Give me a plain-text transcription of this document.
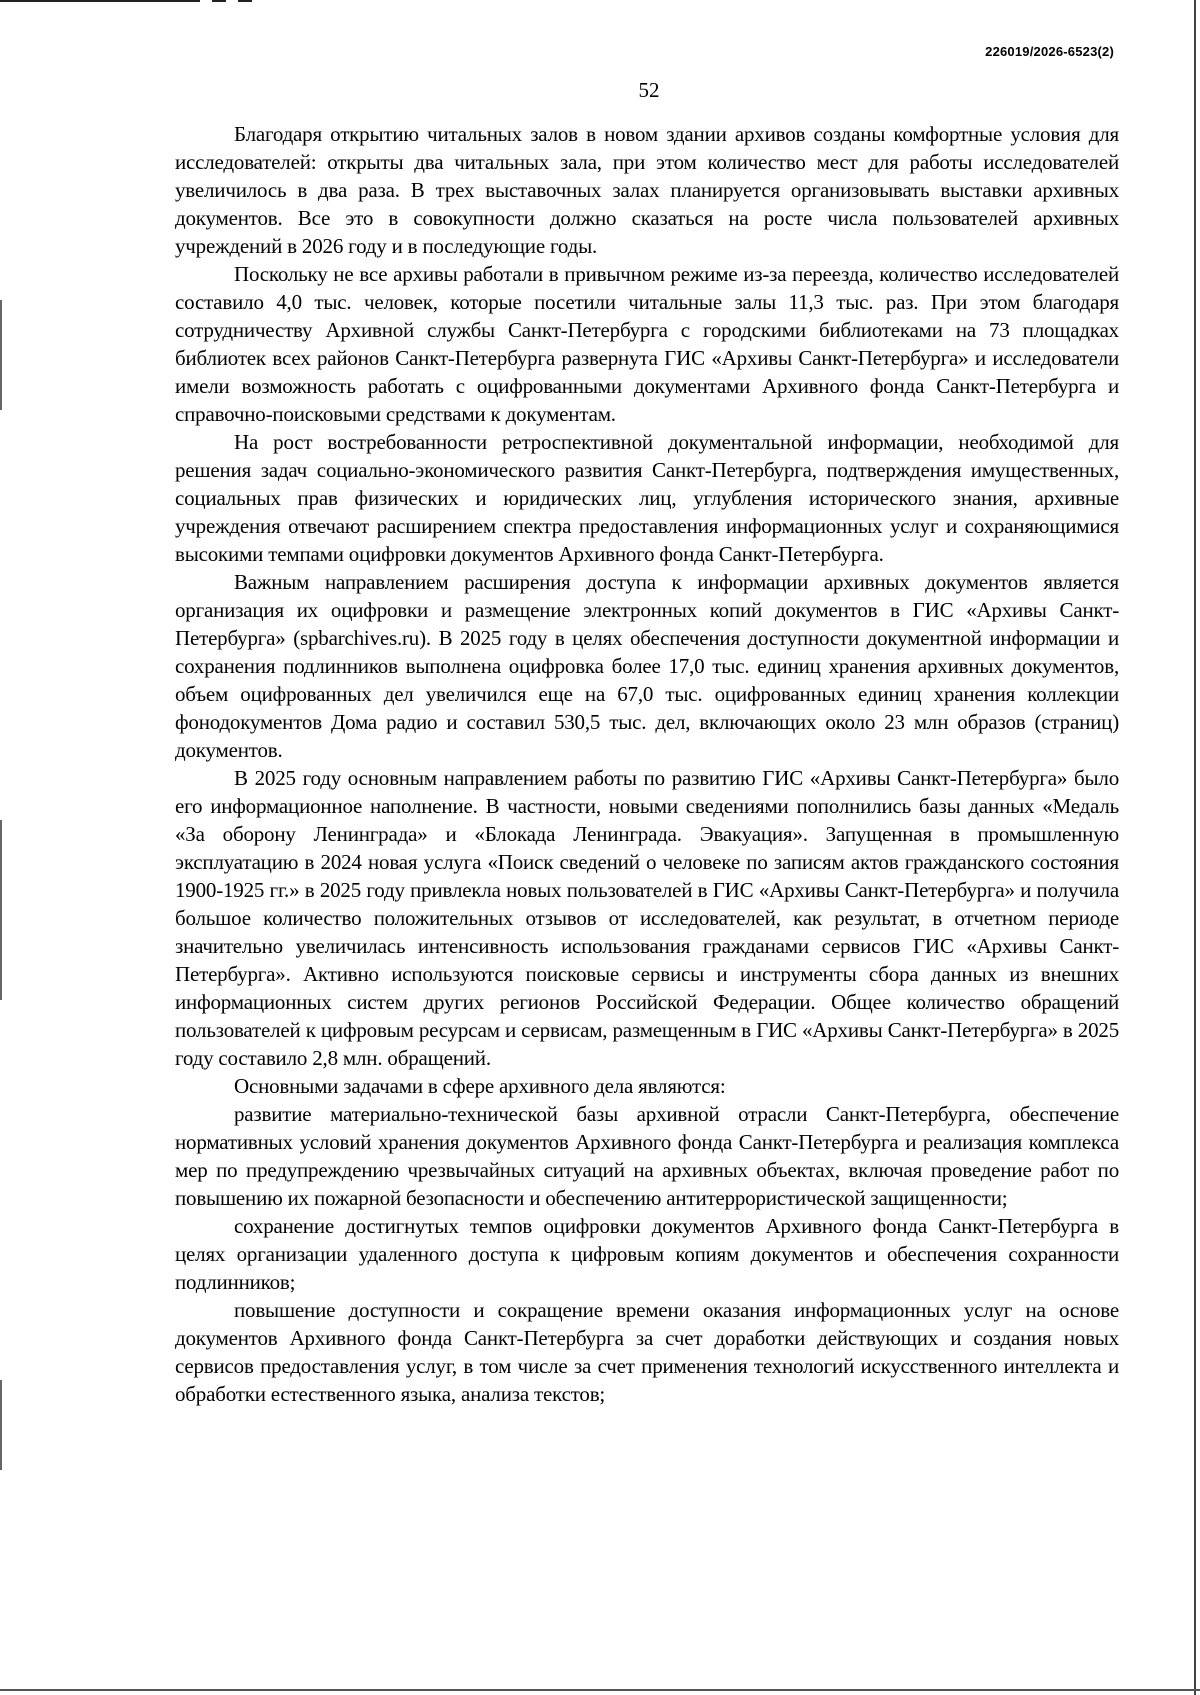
226019/2026-6523(2)
52

Благодаря открытию читальных залов в новом здании архивов созданы комфортные условия для исследователей: открыты два читальных зала, при этом количество мест для работы исследователей увеличилось в два раза. В трех выставочных залах планируется организовывать выставки архивных документов. Все это в совокупности должно сказаться на росте числа пользователей архивных учреждений в 2026 году и в последующие годы.

Поскольку не все архивы работали в привычном режиме из-за переезда, количество исследователей составило 4,0 тыс. человек, которые посетили читальные залы 11,3 тыс. раз. При этом благодаря сотрудничеству Архивной службы Санкт-Петербурга с городскими библиотеками на 73 площадках библиотек всех районов Санкт-Петербурга развернута ГИС «Архивы Санкт-Петербурга» и исследователи имели возможность работать с оцифрованными документами Архивного фонда Санкт-Петербурга и справочно-поисковыми средствами к документам.

На рост востребованности ретроспективной документальной информации, необходимой для решения задач социально-экономического развития Санкт-Петербурга, подтверждения имущественных, социальных прав физических и юридических лиц, углубления исторического знания, архивные учреждения отвечают расширением спектра предоставления информационных услуг и сохраняющимися высокими темпами оцифровки документов Архивного фонда Санкт-Петербурга.

Важным направлением расширения доступа к информации архивных документов является организация их оцифровки и размещение электронных копий документов в ГИС «Архивы Санкт-Петербурга» (spbarchives.ru). В 2025 году в целях обеспечения доступности документной информации и сохранения подлинников выполнена оцифровка более 17,0 тыс. единиц хранения архивных документов, объем оцифрованных дел увеличился еще на 67,0 тыс. оцифрованных единиц хранения коллекции фонодокументов Дома радио и составил 530,5 тыс. дел, включающих около 23 млн образов (страниц) документов.

В 2025 году основным направлением работы по развитию ГИС «Архивы Санкт-Петербурга» было его информационное наполнение. В частности, новыми сведениями пополнились базы данных «Медаль «За оборону Ленинграда» и «Блокада Ленинграда. Эвакуация». Запущенная в промышленную эксплуатацию в 2024 новая услуга «Поиск сведений о человеке по записям актов гражданского состояния 1900-1925 гг.» в 2025 году привлекла новых пользователей в ГИС «Архивы Санкт-Петербурга» и получила большое количество положительных отзывов от исследователей, как результат, в отчетном периоде значительно увеличилась интенсивность использования гражданами сервисов ГИС «Архивы Санкт-Петербурга». Активно используются поисковые сервисы и инструменты сбора данных из внешних информационных систем других регионов Российской Федерации. Общее количество обращений пользователей к цифровым ресурсам и сервисам, размещенным в ГИС «Архивы Санкт-Петербурга» в 2025 году составило 2,8 млн. обращений.

Основными задачами в сфере архивного дела являются:

развитие материально-технической базы архивной отрасли Санкт-Петербурга, обеспечение нормативных условий хранения документов Архивного фонда Санкт-Петербурга и реализация комплекса мер по предупреждению чрезвычайных ситуаций на архивных объектах, включая проведение работ по повышению их пожарной безопасности и обеспечению антитеррористической защищенности;

сохранение достигнутых темпов оцифровки документов Архивного фонда Санкт-Петербурга в целях организации удаленного доступа к цифровым копиям документов и обеспечения сохранности подлинников;

повышение доступности и сокращение времени оказания информационных услуг на основе документов Архивного фонда Санкт-Петербурга за счет доработки действующих и создания новых сервисов предоставления услуг, в том числе за счет применения технологий искусственного интеллекта и обработки естественного языка, анализа текстов;
